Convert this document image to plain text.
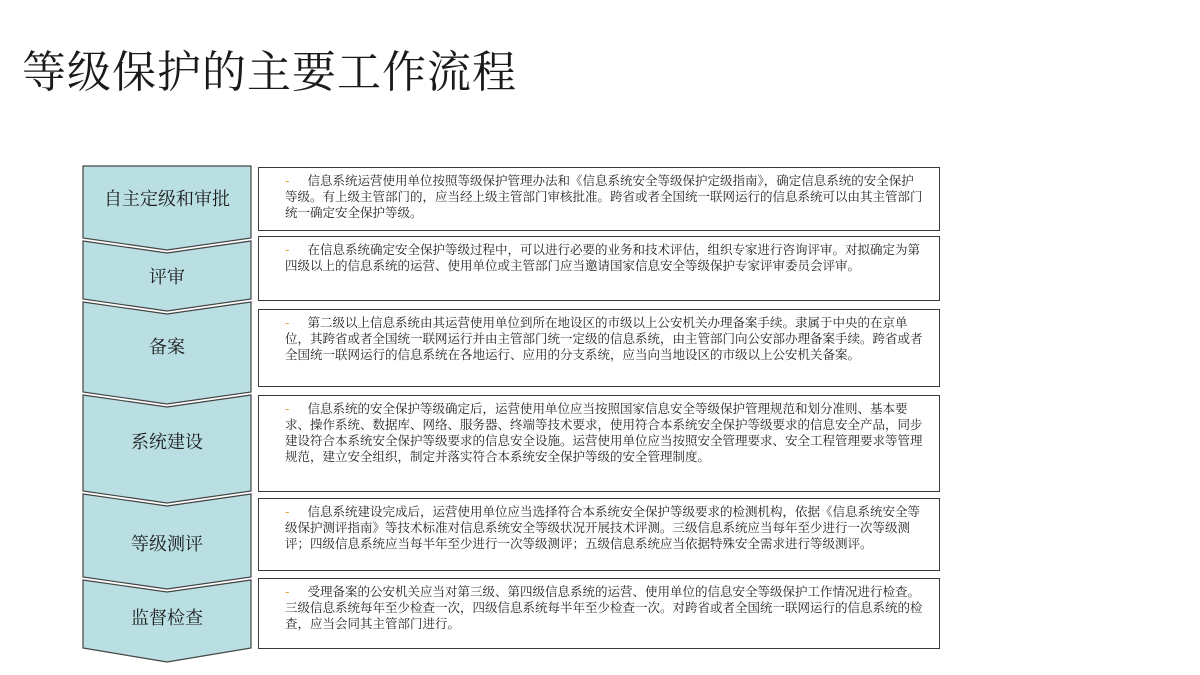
等级保护的主要工作流程
自主定级和审批
评审
备案
系统建设
等级测评
监督检查
- 信息系统运营使用单位按照等级保护管理办法和《信息系统安全等级保护定级指南》，确定信息系统的安全保护等级。有上级主管部门的，应当经上级主管部门审核批准。跨省或者全国统一联网运行的信息系统可以由其主管部门统一确定安全保护等级。
- 在信息系统确定安全保护等级过程中，可以进行必要的业务和技术评估，组织专家进行咨询评审。对拟确定为第四级以上的信息系统的运营、使用单位或主管部门应当邀请国家信息安全等级保护专家评审委员会评审。
- 第二级以上信息系统由其运营使用单位到所在地设区的市级以上公安机关办理备案手续。隶属于中央的在京单位，其跨省或者全国统一联网运行并由主管部门统一定级的信息系统，由主管部门向公安部办理备案手续。跨省或者全国统一联网运行的信息系统在各地运行、应用的分支系统，应当向当地设区的市级以上公安机关备案。
- 信息系统的安全保护等级确定后，运营使用单位应当按照国家信息安全等级保护管理规范和划分准则、基本要求、操作系统、数据库、网络、服务器、终端等技术要求，使用符合本系统安全保护等级要求的信息安全产品，同步建设符合本系统安全保护等级要求的信息安全设施。运营使用单位应当按照安全管理要求、安全工程管理要求等管理规范，建立安全组织，制定并落实符合本系统安全保护等级的安全管理制度。
- 信息系统建设完成后，运营使用单位应当选择符合本系统安全保护等级要求的检测机构，依据《信息系统安全等级保护测评指南》等技术标准对信息系统安全等级状况开展技术评测。三级信息系统应当每年至少进行一次等级测评；四级信息系统应当每半年至少进行一次等级测评；五级信息系统应当依据特殊安全需求进行等级测评。
- 受理备案的公安机关应当对第三级、第四级信息系统的运营、使用单位的信息安全等级保护工作情况进行检查。三级信息系统每年至少检查一次，四级信息系统每半年至少检查一次。对跨省或者全国统一联网运行的信息系统的检查，应当会同其主管部门进行。
